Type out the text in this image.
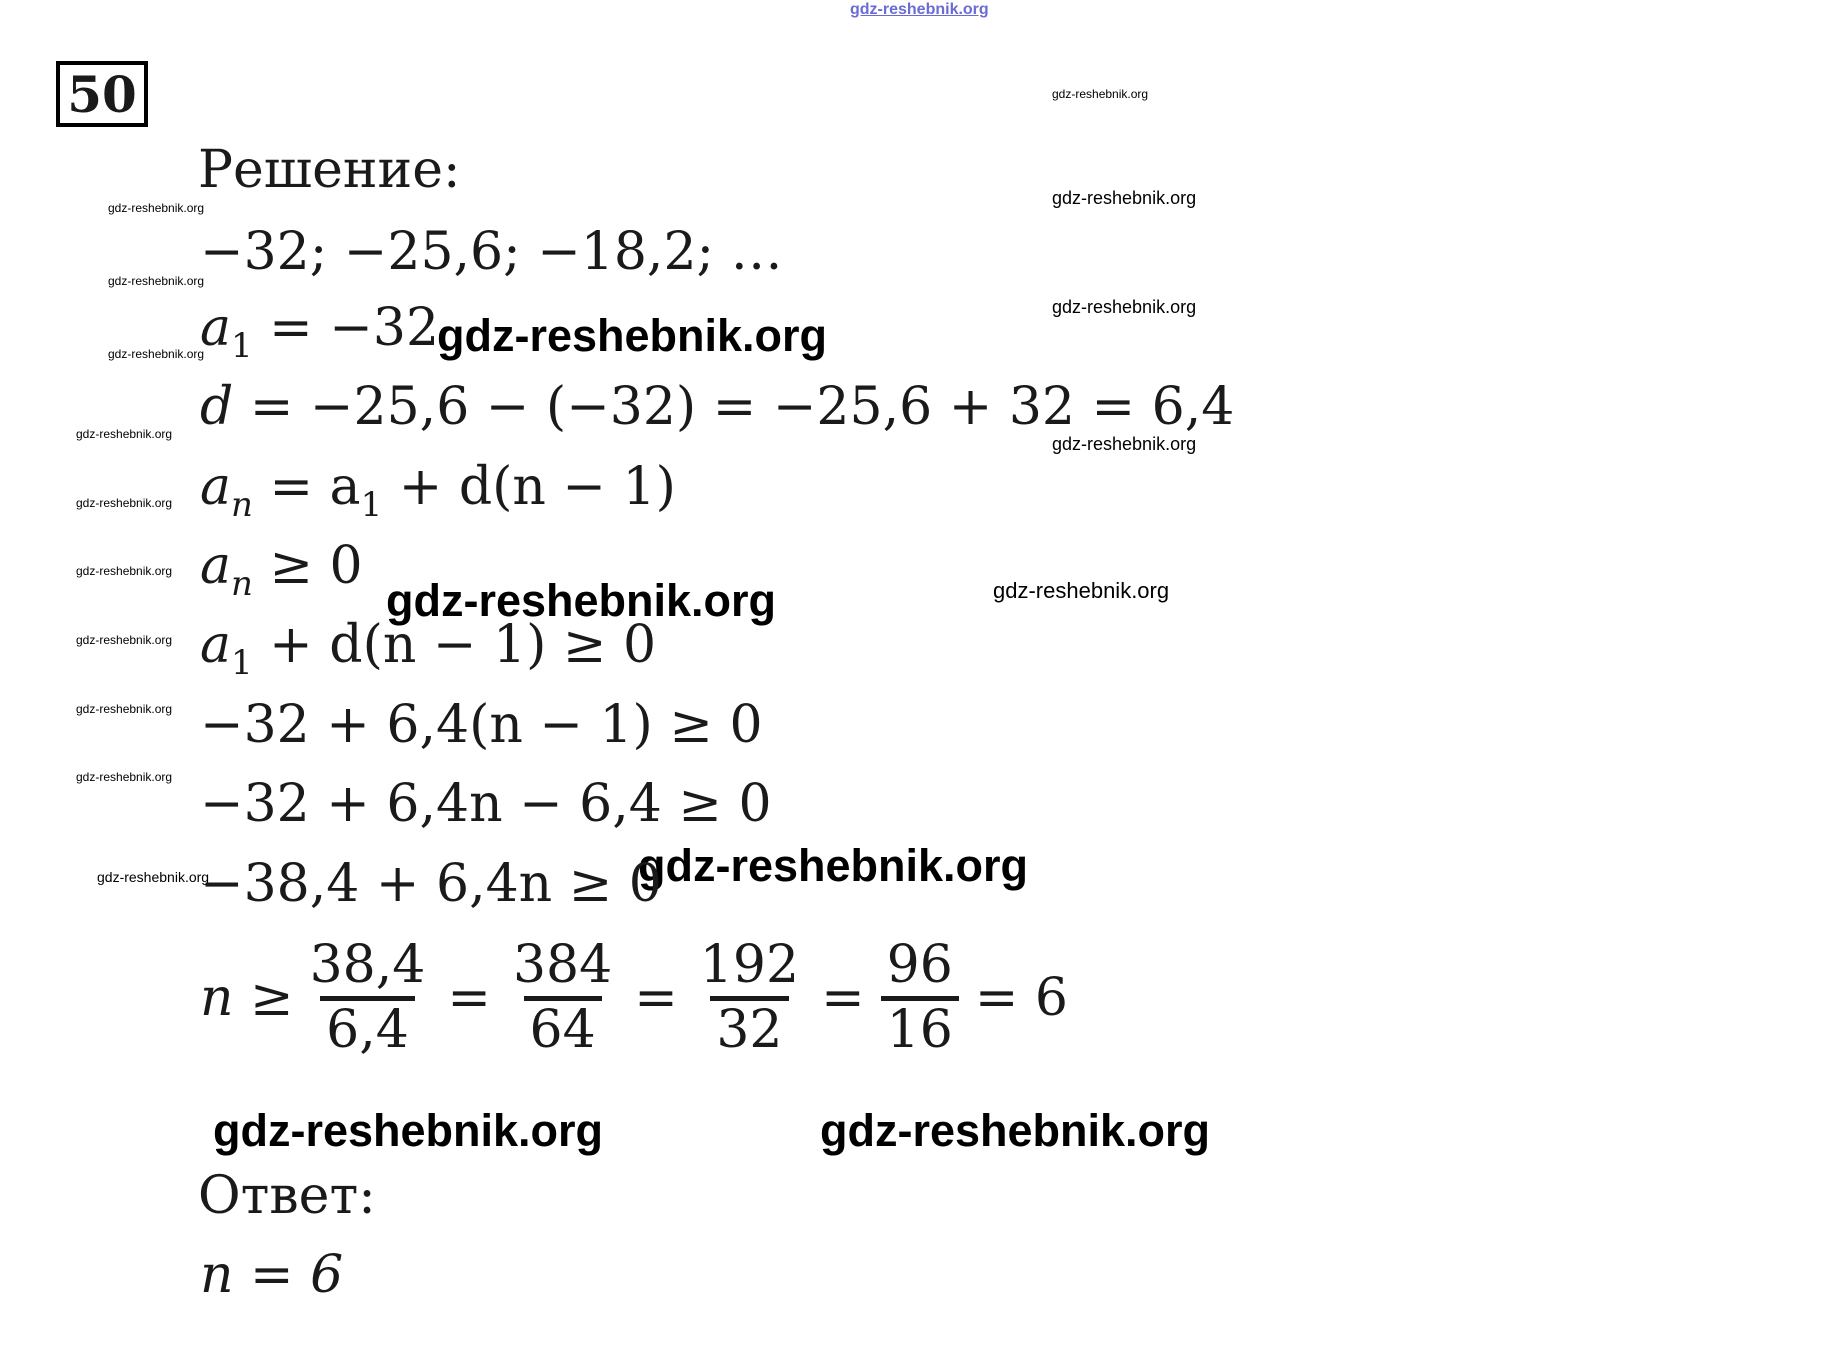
gdz-reshebnik.org
gdz-reshebnik.org
gdz-reshebnik.org
gdz-reshebnik.org
gdz-reshebnik.org
gdz-reshebnik.org
gdz-reshebnik.org	gdz-reshebnik.org
gdz-reshebnik.org	gdz-reshebnik.org
gdz-reshebnik.org
gdz-reshebnik.org
gdz-reshebnik.org	gdz-reshebnik.org
gdz-reshebnik.org
gdz-reshebnik.org
gdz-reshebnik.org
gdz-reshebnik.org	gdz-reshebnik.org
gdz-reshebnik.org	gdz-reshebnik.org
50
Решение:
−32; −25,6; −18,2; …
$a_1 = -32$
d = −25,6 − (−32) = −25,6 + 32 = 6,4
$a_n = a_1 + d(n - 1)$
$a_n \ge 0$
$a_1 + d(n - 1) \ge 0$
−32 + 6,4(n − 1) ≥ 0
−32 + 6,4n − 6,4 ≥ 0
−38,4 + 6,4n ≥ 0
$n \ge \frac{38,4}{6,4} = \frac{384}{64} = \frac{192}{32} = \frac{96}{16} = 6$
Ответ:
n = 6
